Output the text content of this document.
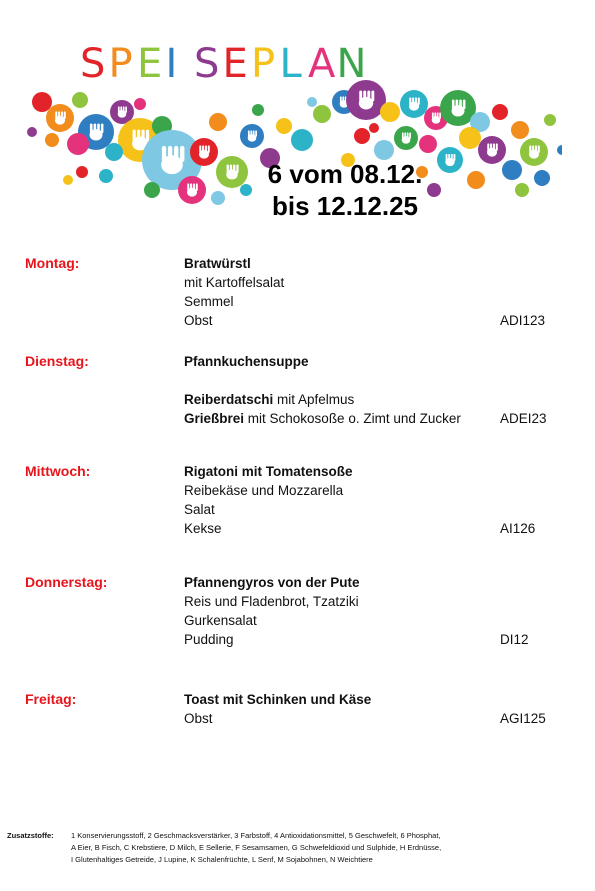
S P E I S E P L A N
6 vom 08.12.
bis 12.12.25
Montag:	Bratwürstl
mit Kartoffelsalat
Semmel
Obst	ADI123
Dienstag:	Pfannkuchensuppe
Reiberdatschi mit Apfelmus
Grießbrei mit Schokosoße o. Zimt und Zucker	ADEI23
Mittwoch:	Rigatoni mit Tomatensoße
Reibekäse und Mozzarella
Salat
Kekse	AI126
Donnerstag:	Pfannengyros von der Pute
Reis und Fladenbrot, Tzatziki
Gurkensalat
Pudding	DI12
Freitag:	Toast mit Schinken und Käse
Obst	AGI125
Zusatzstoffe: 1 Konservierungsstoff, 2 Geschmacksverstärker, 3 Farbstoff, 4 Antioxidationsmittel, 5 Geschwefelt, 6 Phosphat,
A Eier, B Fisch, C Krebstiere, D Milch, E Sellerie, F Sesamsamen, G Schwefeldioxid und Sulphide, H Erdnüsse,
I Glutenhaltiges Getreide, J Lupine, K Schalenfrüchte, L Senf, M Sojabohnen, N Weichtiere
